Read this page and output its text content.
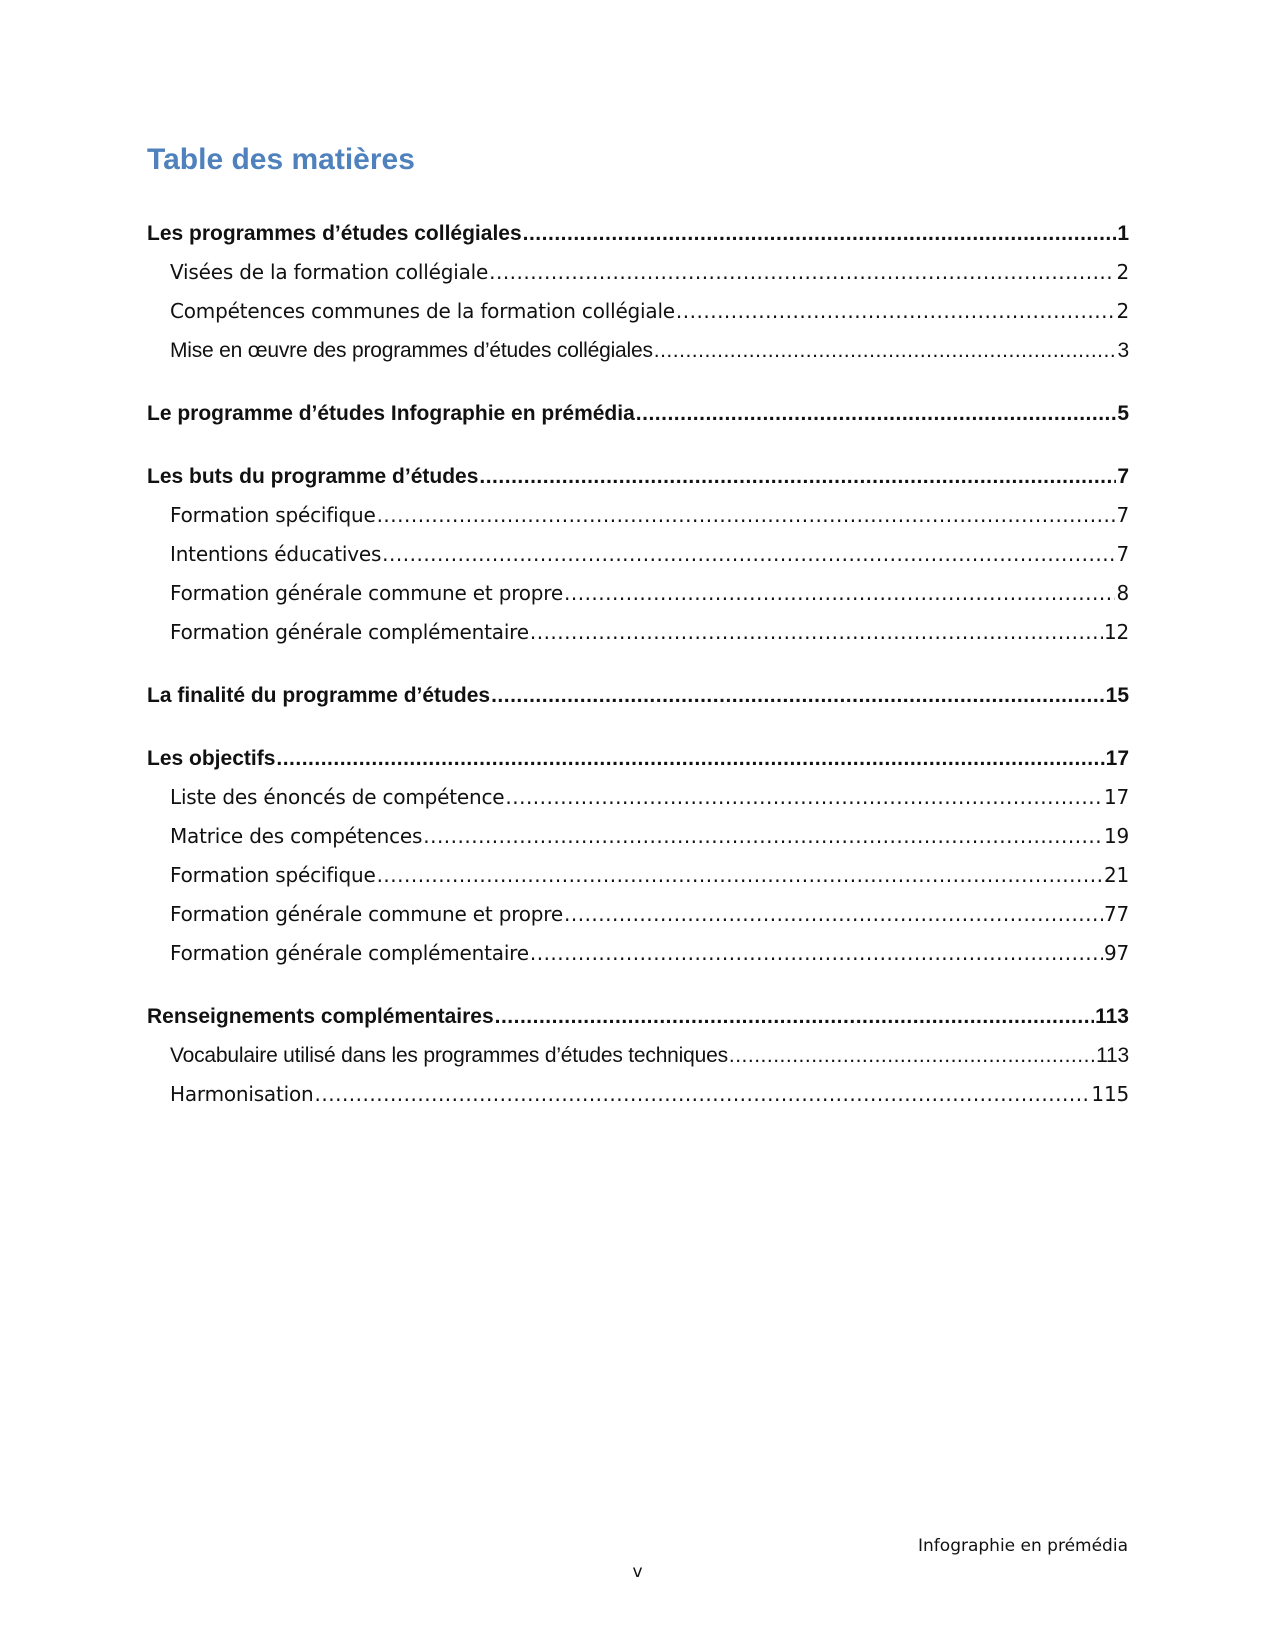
Table des matières
Les programmes d’études collégiales .....	1
Visées de la formation collégiale .....	2
Compétences communes de la formation collégiale .....	2
Mise en œuvre des programmes d’études collégiales .....	3
Le programme d’études Infographie en prémédia .....	5
Les buts du programme d’études .....	7
Formation spécifique .....	7
Intentions éducatives .....	7
Formation générale commune et propre .....	8
Formation générale complémentaire .....	12
La finalité du programme d’études .....	15
Les objectifs .....	17
Liste des énoncés de compétence .....	17
Matrice des compétences .....	19
Formation spécifique .....	21
Formation générale commune et propre .....	77
Formation générale complémentaire .....	97
Renseignements complémentaires .....	113
Vocabulaire utilisé dans les programmes d’études techniques .....	113
Harmonisation .....	115
Infographie en prémédia
v
